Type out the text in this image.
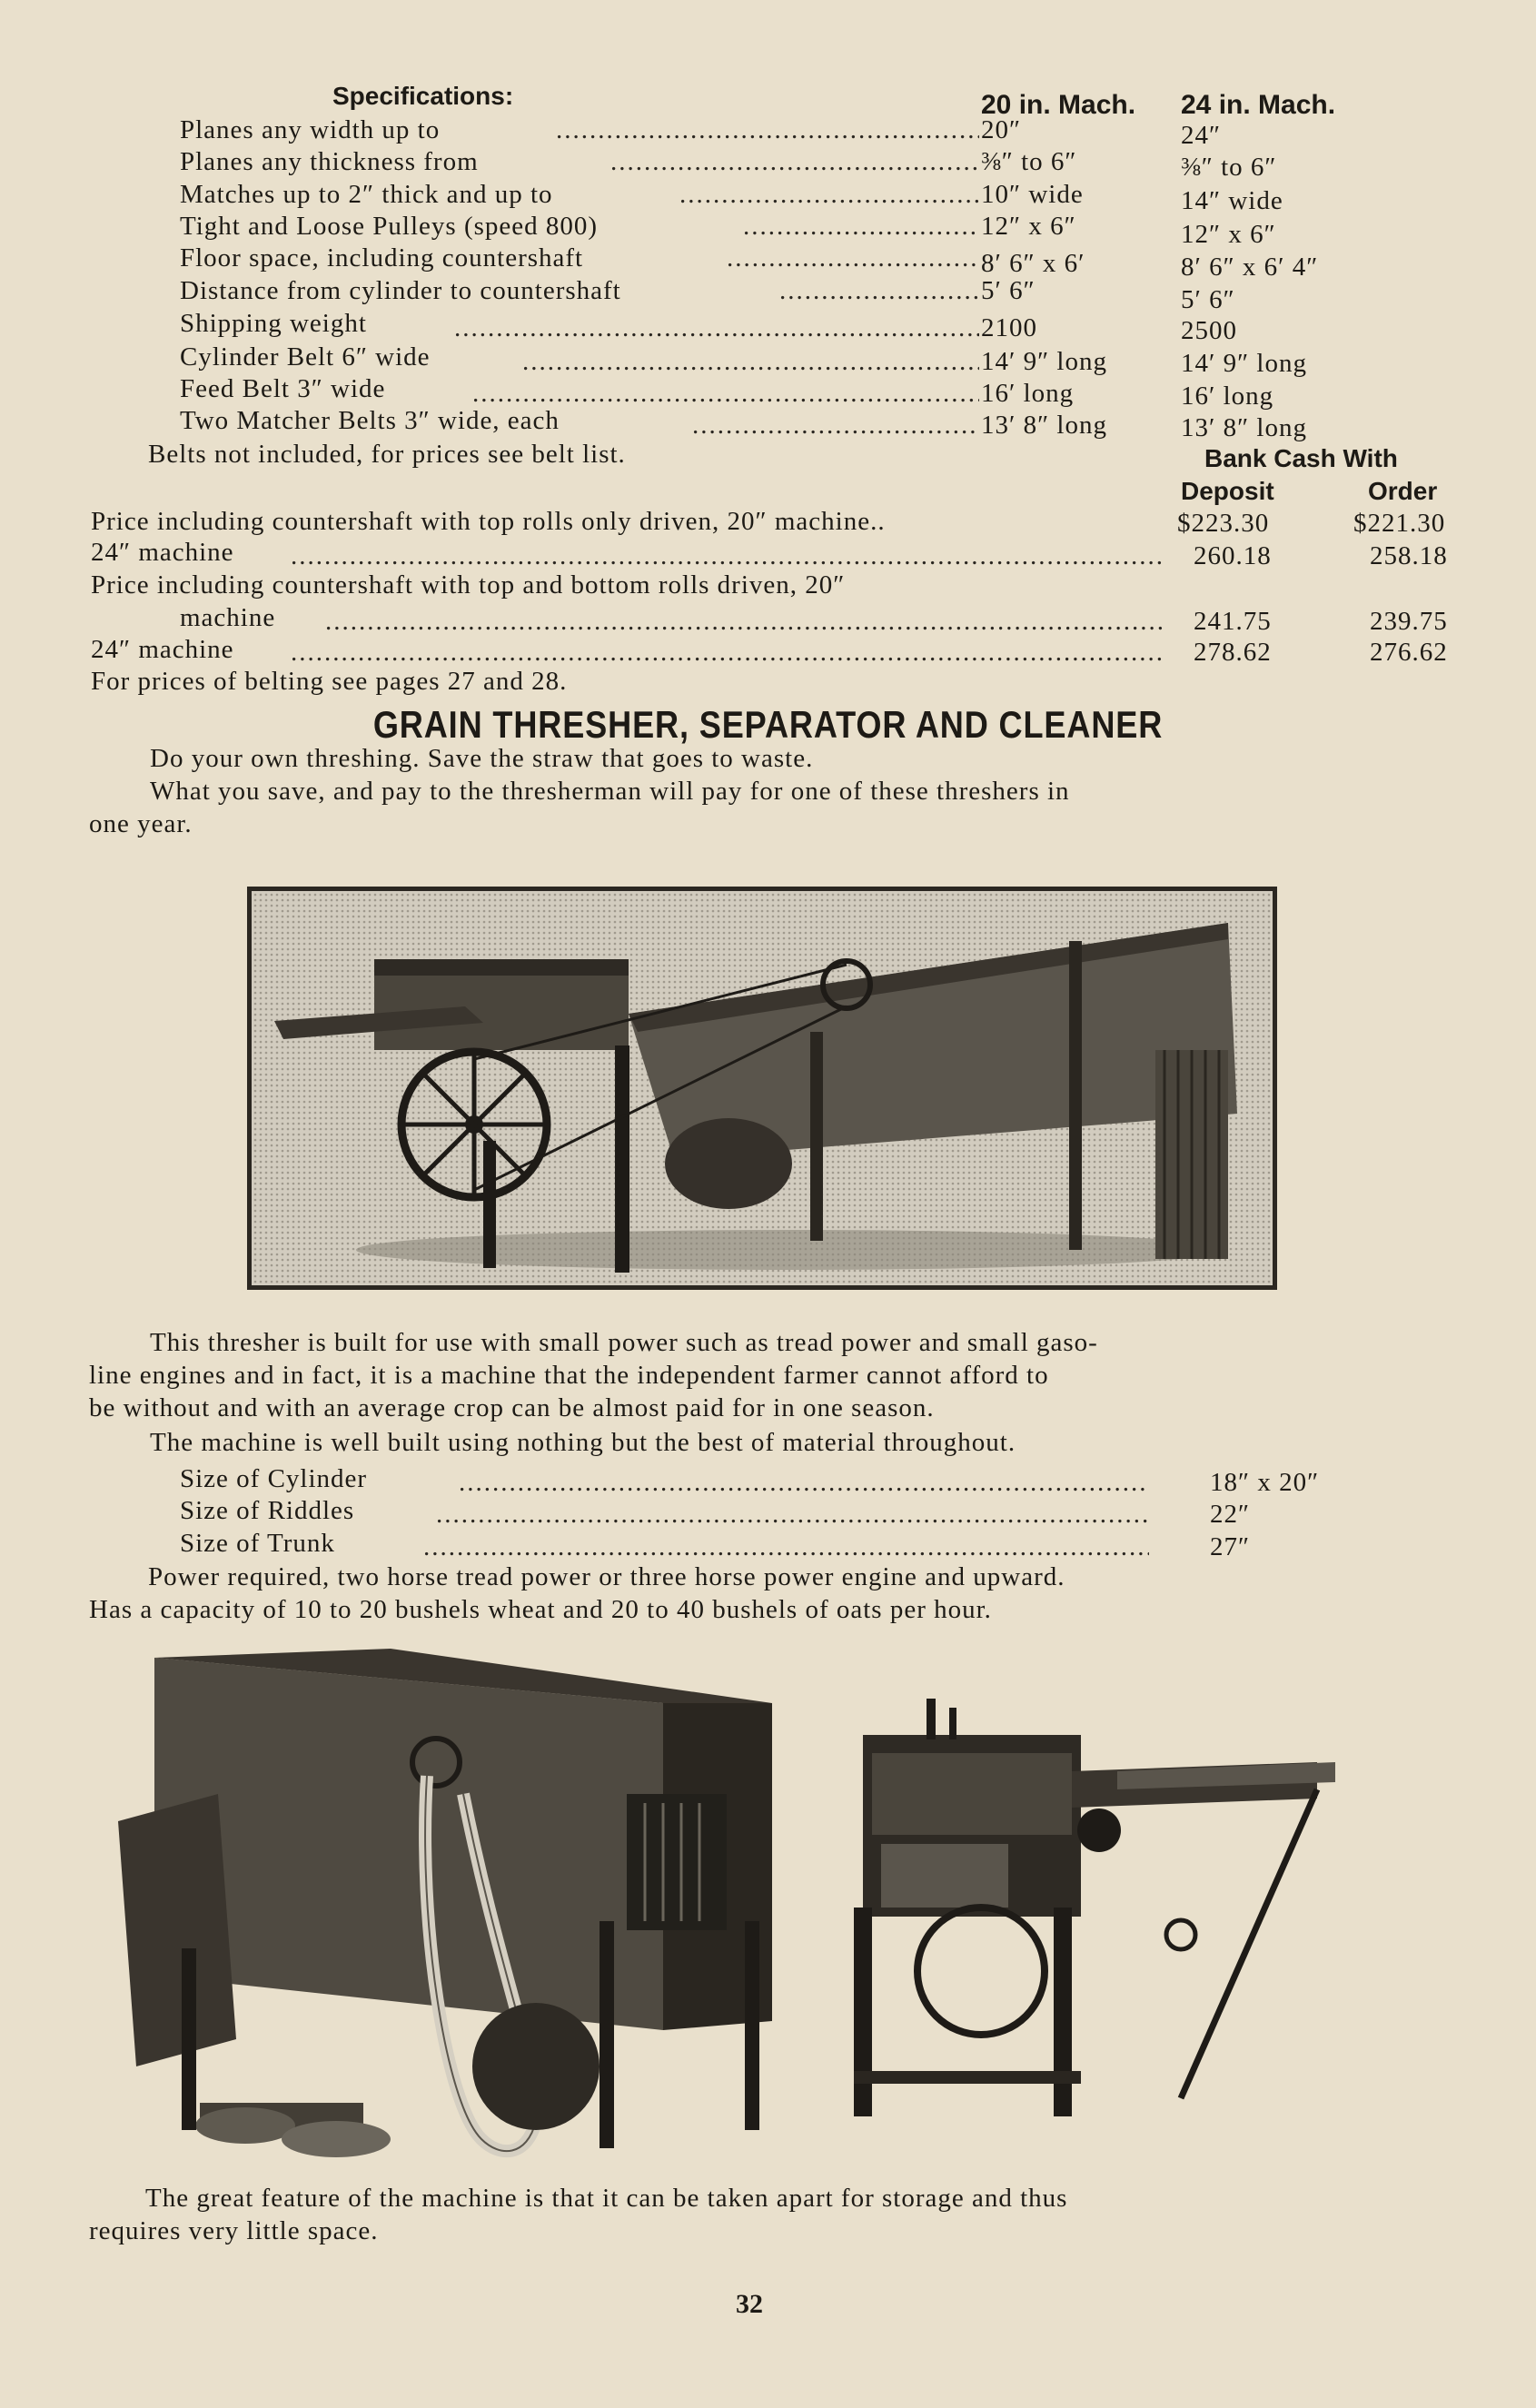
Specifications:	20 in. Mach. 24 in. Mach.
Planes any width up to .....	20″	24″
Planes any thickness from .....	⅜″ to 6″	⅜″ to 6″
Matches up to 2″ thick and up to .....	10″ wide	14″ wide
Tight and Loose Pulleys (speed 800) .....	12″ x 6″	12″ x 6″
Floor space, including countershaft .....	8′ 6″ x 6′	8′ 6″ x 6′ 4″
Distance from cylinder to countershaft .....	5′ 6″	5′ 6″
Shipping weight .....	2100	2500
Cylinder Belt 6″ wide .....	14′ 9″ long	14′ 9″ long
Feed Belt 3″ wide .....	16′ long	16′ long
Two Matcher Belts 3″ wide, each .....	13′ 8″ long	13′ 8″ long
Belts not included, for prices see belt list.	Bank Cash With
Deposit	Order
Price including countershaft with top rolls only driven, 20″ machine..	$223.30	$221.30
24″ machine .....	260.18	258.18
Price including countershaft with top and bottom rolls driven, 20″
machine .....	241.75	239.75
24″ machine .....	278.62	276.62
For prices of belting see pages 27 and 28.
GRAIN THRESHER, SEPARATOR AND CLEANER
Do your own threshing. Save the straw that goes to waste.
What you save, and pay to the thresherman will pay for one of these threshers in
one year.
This thresher is built for use with small power such as tread power and small gaso-
line engines and in fact, it is a machine that the independent farmer cannot afford to
be without and with an average crop can be almost paid for in one season.
The machine is well built using nothing but the best of material throughout.
Size of Cylinder .....	18″ x 20″
Size of Riddles .....	22″
Size of Trunk .....	27″
Power required, two horse tread power or three horse power engine and upward.
Has a capacity of 10 to 20 bushels wheat and 20 to 40 bushels of oats per hour.
The great feature of the machine is that it can be taken apart for storage and thus
requires very little space.
32
